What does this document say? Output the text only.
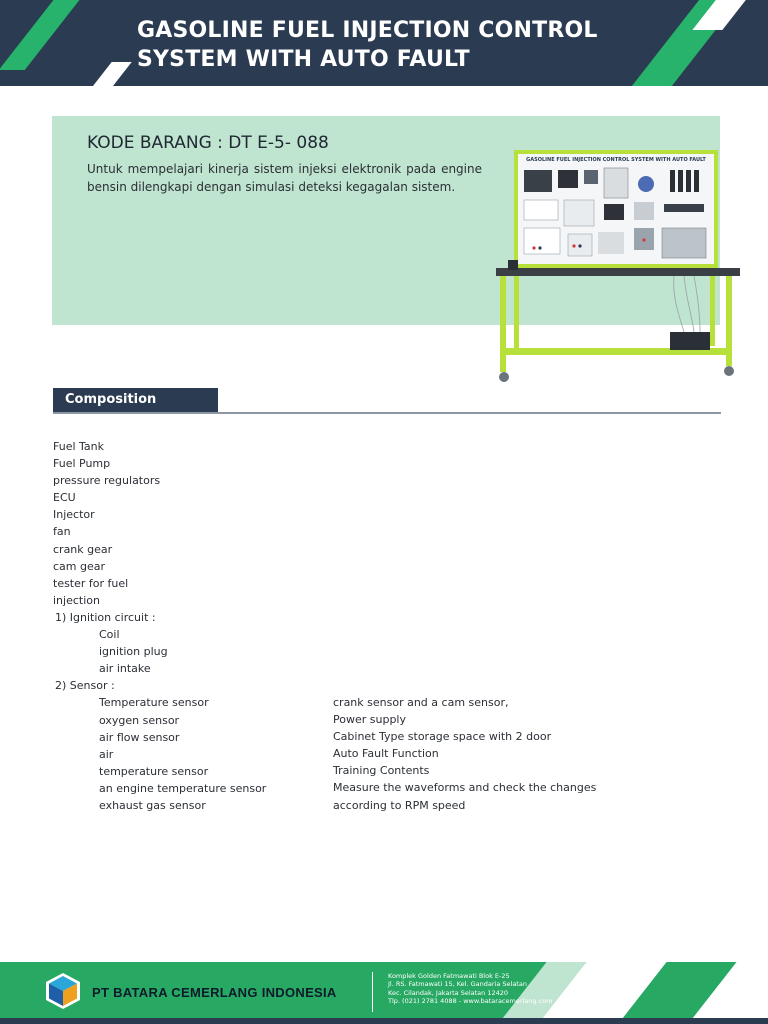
GASOLINE FUEL INJECTION CONTROL
SYSTEM WITH AUTO FAULT
KODE BARANG : DT E-5- 088
Untuk mempelajari kinerja sistem injeksi elektronik pada engine bensin dilengkapi dengan simulasi deteksi kegagalan sistem.
GASOLINE FUEL INJECTION CONTROL SYSTEM WITH AUTO FAULT
Composition
Fuel Tank
Fuel Pump
pressure regulators
ECU
Injector
fan
crank gear
cam gear
tester for fuel
injection
1) Ignition circuit :
Coil
ignition plug
air intake
2) Sensor :
Temperature sensor
oxygen sensor
air flow sensor
air
temperature sensor
an engine temperature sensor
exhaust gas sensor
crank sensor and a cam sensor,
Power supply
Cabinet Type storage space with 2 door
Auto Fault Function
Training Contents
Measure the waveforms and check the changes
according to RPM speed
PT BATARA CEMERLANG INDONESIA
Komplek Golden Fatmawati Blok E-25
Jl. RS. Fatmawati 15, Kel. Gandaria Selatan
Kec. Cilandak, Jakarta Selatan 12420
Tlp. (021) 2781 4088 - www.bataracemerlang.com
